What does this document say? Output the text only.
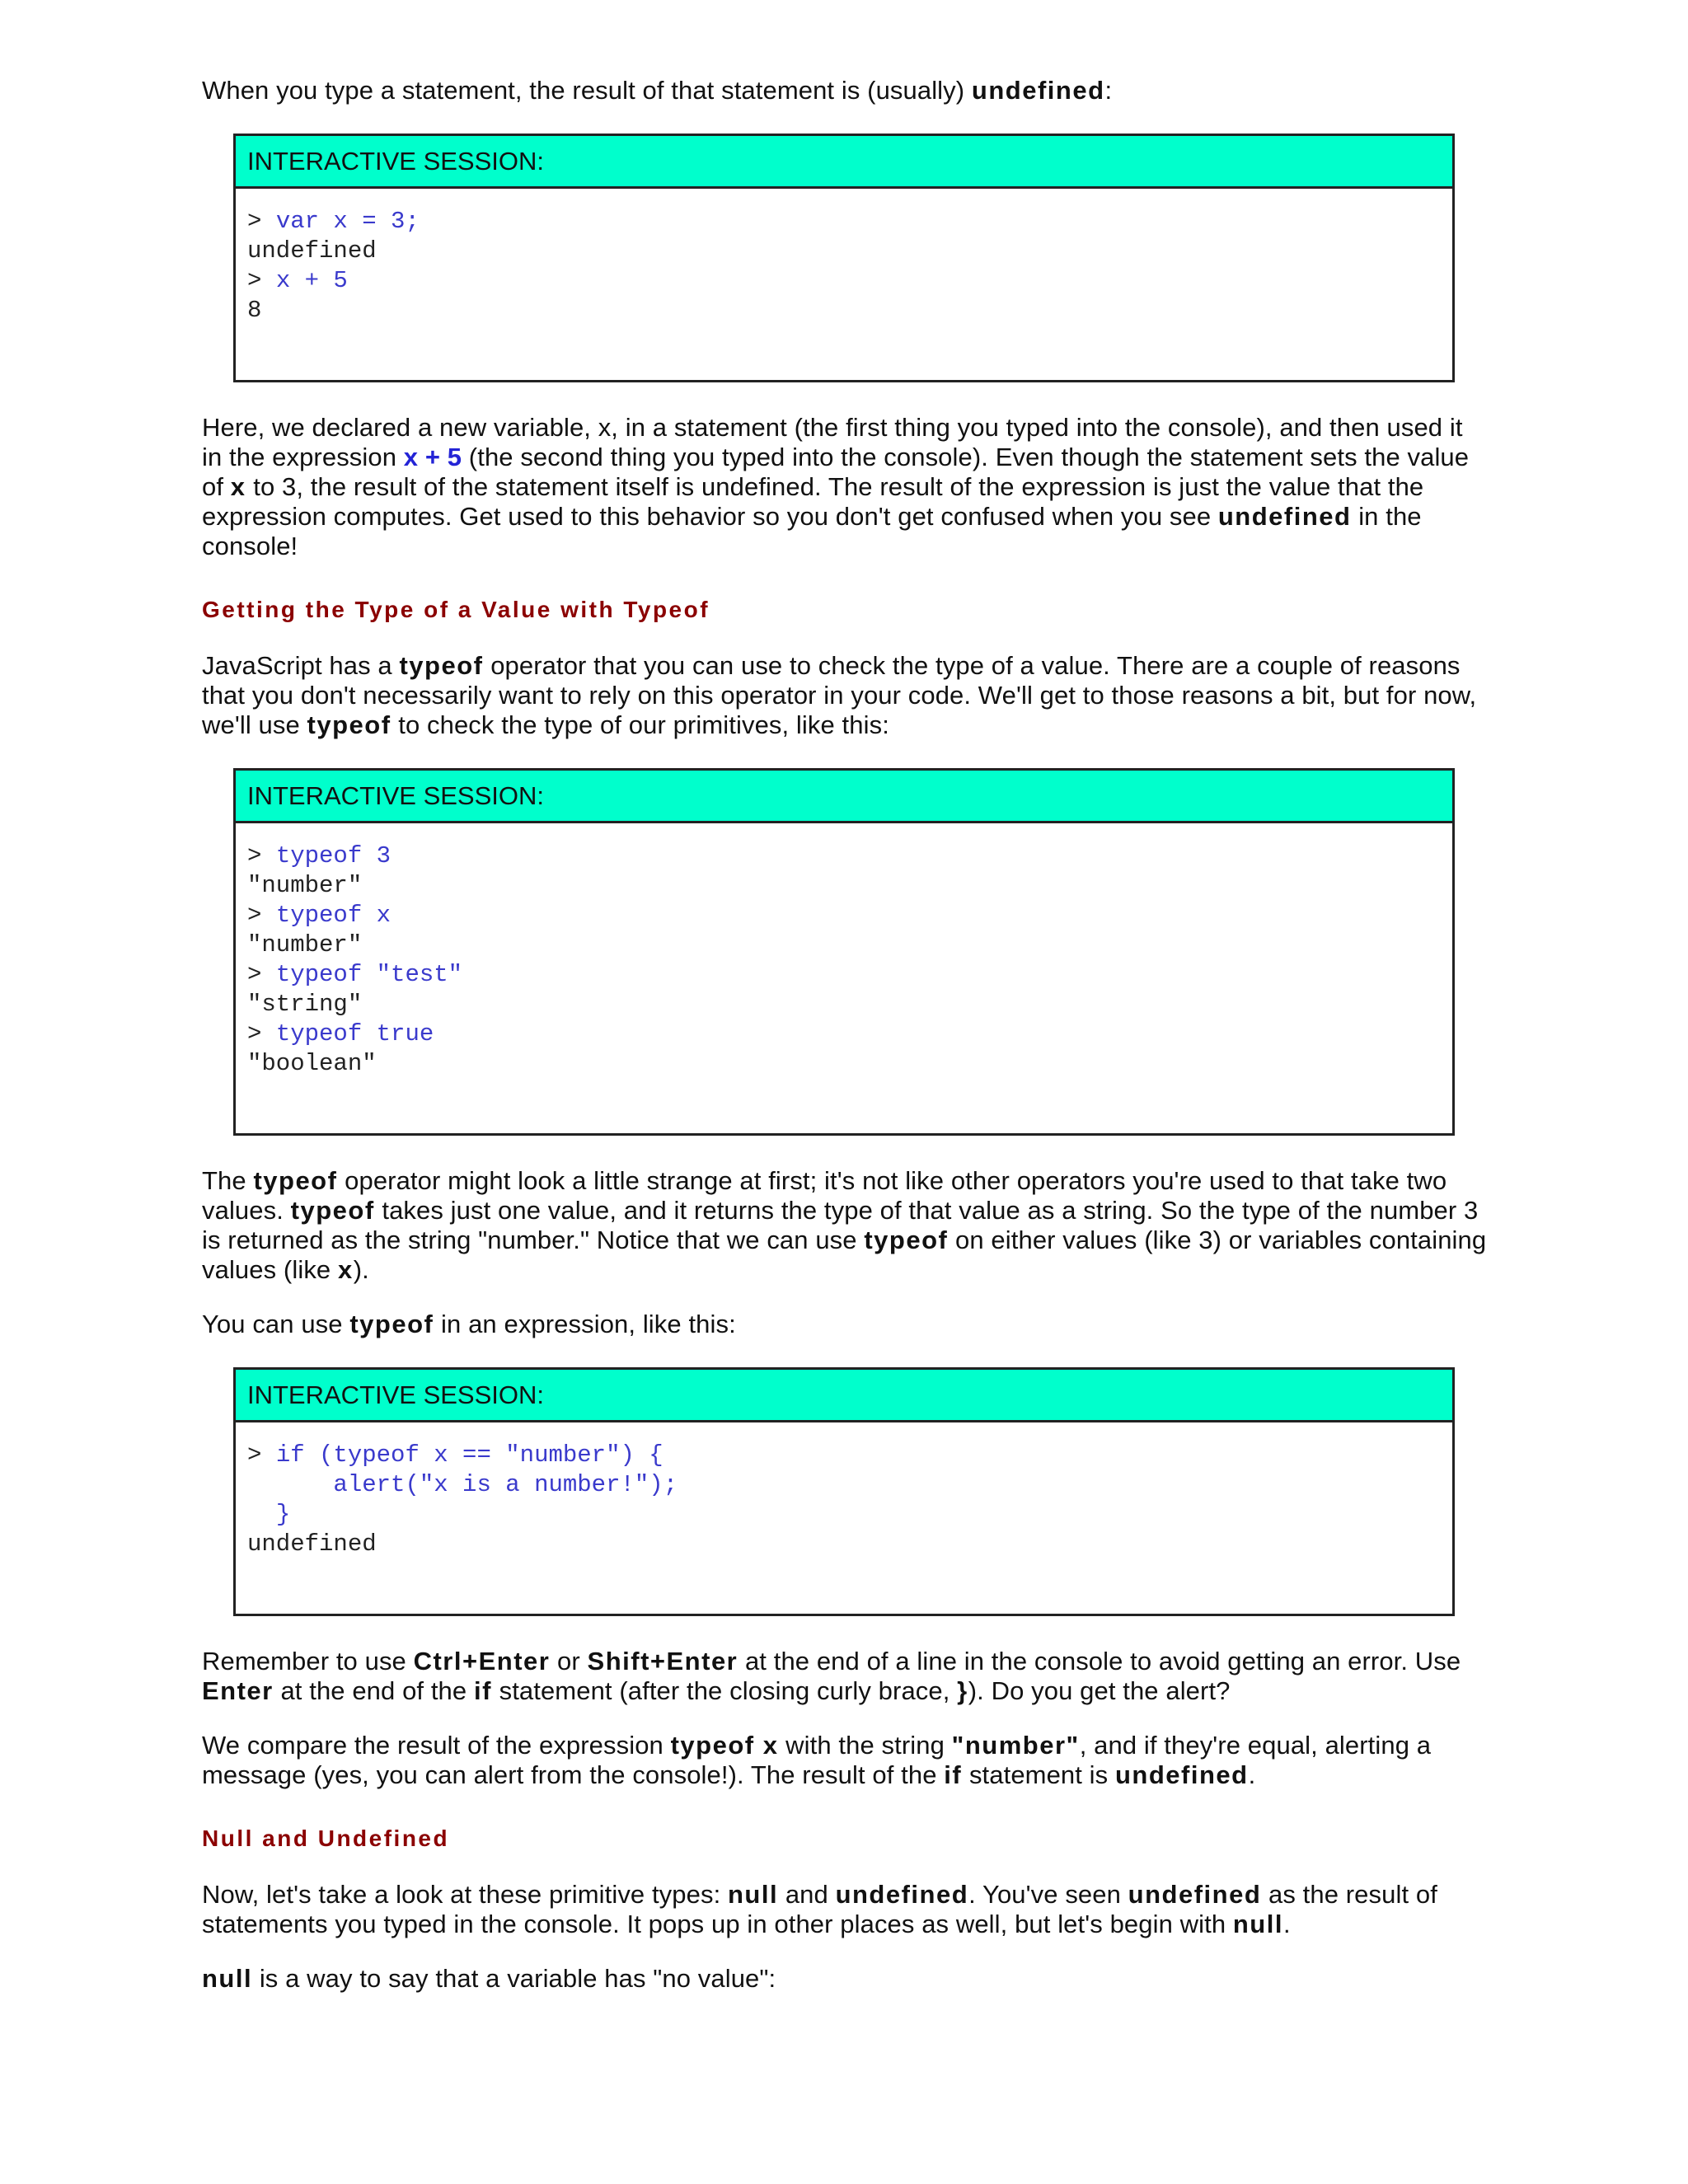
When you type a statement, the result of that statement is (usually) undefined:

INTERACTIVE SESSION:
> var x = 3;
undefined
> x + 5
8

Here, we declared a new variable, x, in a statement (the first thing you typed into the console), and then used it in the expression x + 5 (the second thing you typed into the console). Even though the statement sets the value of x to 3, the result of the statement itself is undefined. The result of the expression is just the value that the expression computes. Get used to this behavior so you don't get confused when you see undefined in the console!

Getting the Type of a Value with Typeof

JavaScript has a typeof operator that you can use to check the type of a value. There are a couple of reasons that you don't necessarily want to rely on this operator in your code. We'll get to those reasons a bit, but for now, we'll use typeof to check the type of our primitives, like this:

INTERACTIVE SESSION:
> typeof 3
"number"
> typeof x
"number"
> typeof "test"
"string"
> typeof true
"boolean"

The typeof operator might look a little strange at first; it's not like other operators you're used to that take two values. typeof takes just one value, and it returns the type of that value as a string. So the type of the number 3 is returned as the string "number." Notice that we can use typeof on either values (like 3) or variables containing values (like x).

You can use typeof in an expression, like this:

INTERACTIVE SESSION:
> if (typeof x == "number") {
alert("x is a number!");
}
undefined

Remember to use Ctrl+Enter or Shift+Enter at the end of a line in the console to avoid getting an error. Use Enter at the end of the if statement (after the closing curly brace, }). Do you get the alert?

We compare the result of the expression typeof x with the string "number", and if they're equal, alerting a message (yes, you can alert from the console!). The result of the if statement is undefined.

Null and Undefined

Now, let's take a look at these primitive types: null and undefined. You've seen undefined as the result of statements you typed in the console. It pops up in other places as well, but let's begin with null.

null is a way to say that a variable has "no value":
